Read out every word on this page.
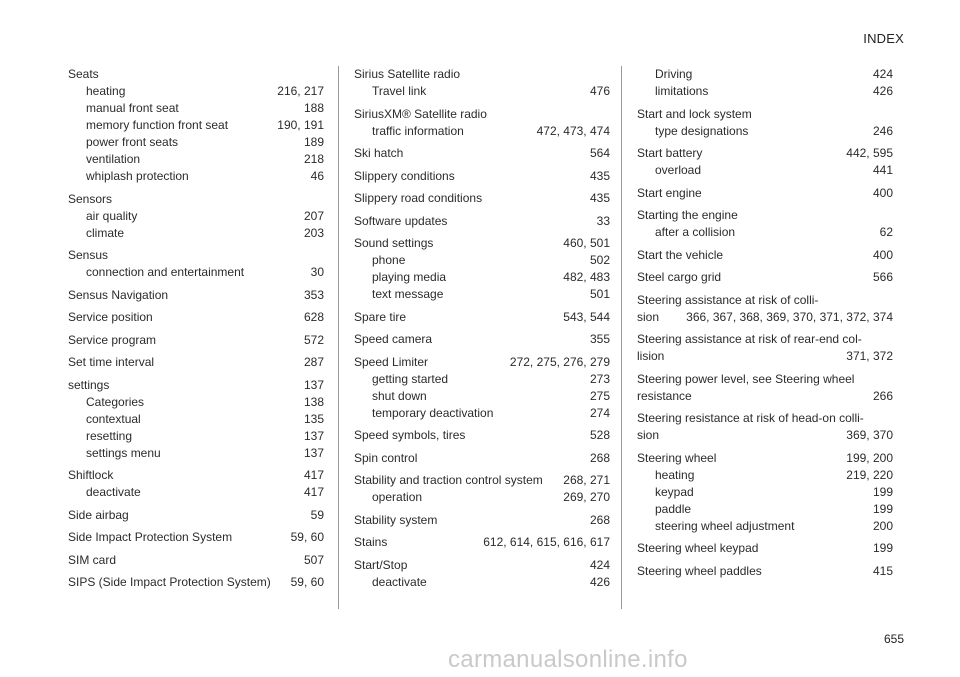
INDEX
Seats
heating	216, 217
manual front seat	188
memory function front seat	190, 191
power front seats	189
ventilation	218
whiplash protection	46
Sensors
air quality	207
climate	203
Sensus
connection and entertainment	30
Sensus Navigation	353
Service position	628
Service program	572
Set time interval	287
settings	137
Categories	138
contextual	135
resetting	137
settings menu	137
Shiftlock	417
deactivate	417
Side airbag	59
Side Impact Protection System	59, 60
SIM card	507
SIPS (Side Impact Protection System)	59, 60
Sirius Satellite radio
Travel link	476
SiriusXM® Satellite radio
traffic information	472, 473, 474
Ski hatch	564
Slippery conditions	435
Slippery road conditions	435
Software updates	33
Sound settings	460, 501
phone	502
playing media	482, 483
text message	501
Spare tire	543, 544
Speed camera	355
Speed Limiter	272, 275, 276, 279
getting started	273
shut down	275
temporary deactivation	274
Speed symbols, tires	528
Spin control	268
Stability and traction control system	268, 271
operation	269, 270
Stability system	268
Stains	612, 614, 615, 616, 617
Start/Stop	424
deactivate	426
Driving	424
limitations	426
Start and lock system
type designations	246
Start battery	442, 595
overload	441
Start engine	400
Starting the engine
after a collision	62
Start the vehicle	400
Steel cargo grid	566
Steering assistance at risk of colli-
sion	366, 367, 368, 369, 370, 371, 372, 374
Steering assistance at risk of rear-end col-
lision	371, 372
Steering power level, see Steering wheel
resistance	266
Steering resistance at risk of head-on colli-
sion	369, 370
Steering wheel	199, 200
heating	219, 220
keypad	199
paddle	199
steering wheel adjustment	200
Steering wheel keypad	199
Steering wheel paddles	415
655
carmanualsonline.info
